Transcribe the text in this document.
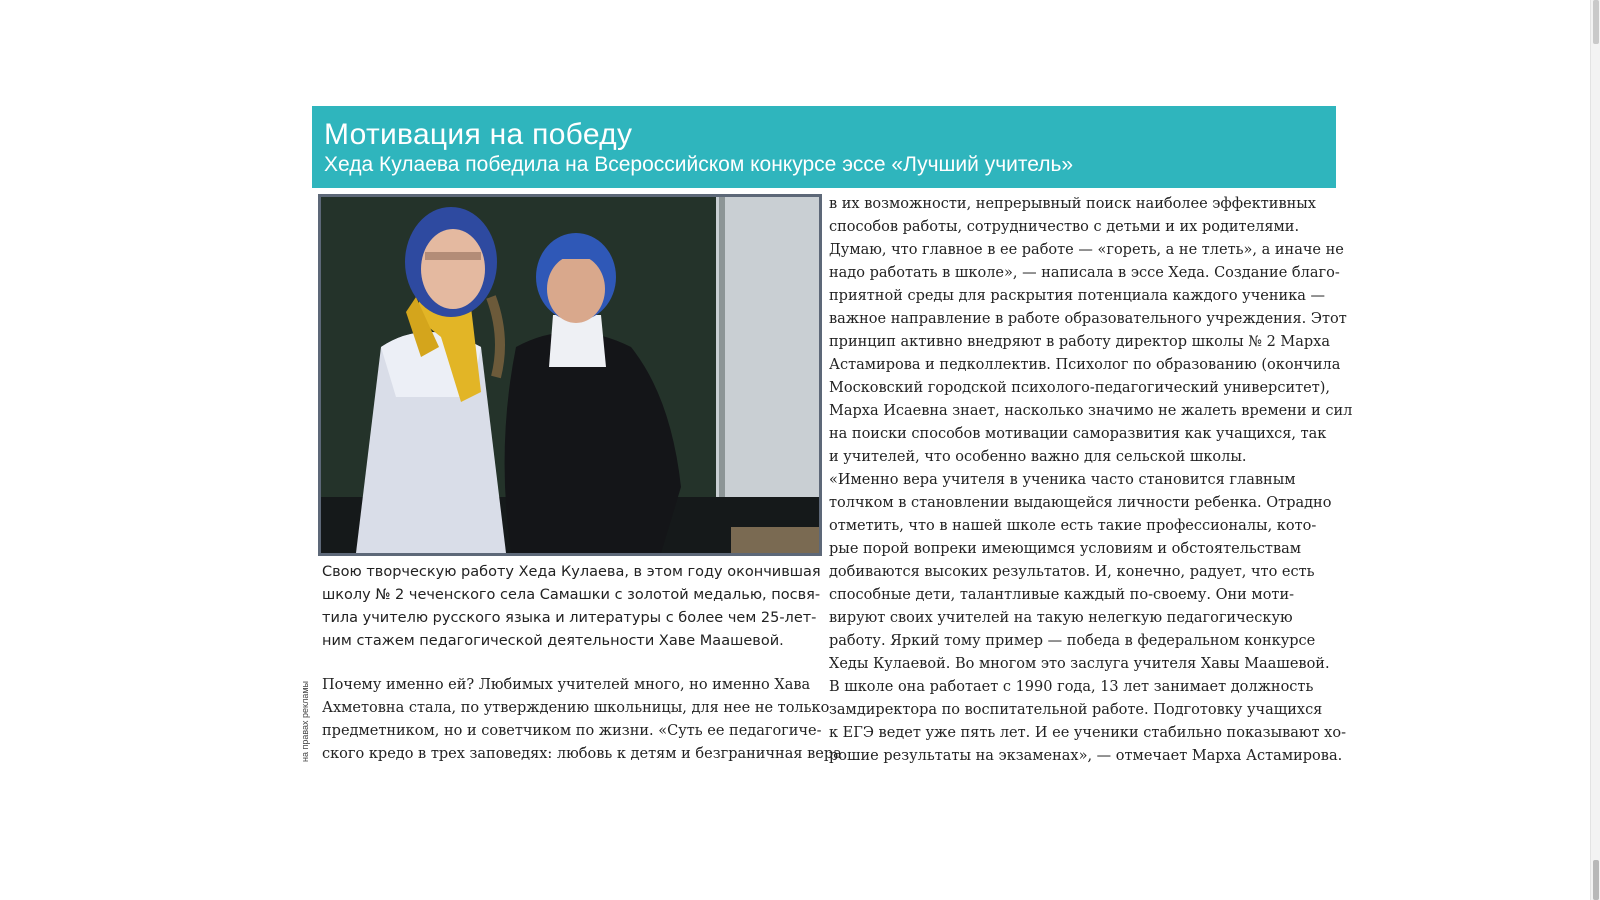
Мотивация на победу
Хеда Кулаева победила на Всероссийском конкурсе эссе «Лучший учитель»
Свою творческую работу Хеда Кулаева, в этом году окончившая
школу № 2 чеченского села Самашки с золотой медалью, посвя-
тила учителю русского языка и литературы с более чем 25-лет-
ним стажем педагогической деятельности Хаве Маашевой.
Почему именно ей? Любимых учителей много, но именно Хава
Ахметовна стала, по утверждению школьницы, для нее не только
предметником, но и советчиком по жизни. «Суть ее педагогиче-
ского кредо в трех заповедях: любовь к детям и безграничная вера
в их возможности, непрерывный поиск наиболее эффективных
способов работы, сотрудничество с детьми и их родителями.
Думаю, что главное в ее работе — «гореть, а не тлеть», а иначе не
надо работать в школе», — написала в эссе Хеда. Создание благо-
приятной среды для раскрытия потенциала каждого ученика —
важное направление в работе образовательного учреждения. Этот
принцип активно внедряют в работу директор школы № 2 Марха
Астамирова и педколлектив. Психолог по образованию (окончила
Московский городской психолого-педагогический университет),
Марха Исаевна знает, насколько значимо не жалеть времени и сил
на поиски способов мотивации саморазвития как учащихся, так
и учителей, что особенно важно для сельской школы.
«Именно вера учителя в ученика часто становится главным
толчком в становлении выдающейся личности ребенка. Отрадно
отметить, что в нашей школе есть такие профессионалы, кото-
рые порой вопреки имеющимся условиям и обстоятельствам
добиваются высоких результатов. И, конечно, радует, что есть
способные дети, талантливые каждый по-своему. Они моти-
вируют своих учителей на такую нелегкую педагогическую
работу. Яркий тому пример — победа в федеральном конкурсе
Хеды Кулаевой. Во многом это заслуга учителя Хавы Маашевой.
В школе она работает с 1990 года, 13 лет занимает должность
замдиректора по воспитательной работе. Подготовку учащихся
к ЕГЭ ведет уже пять лет. И ее ученики стабильно показывают хо-
рошие результаты на экзаменах», — отмечает Марха Астамирова.
на правах рекламы
